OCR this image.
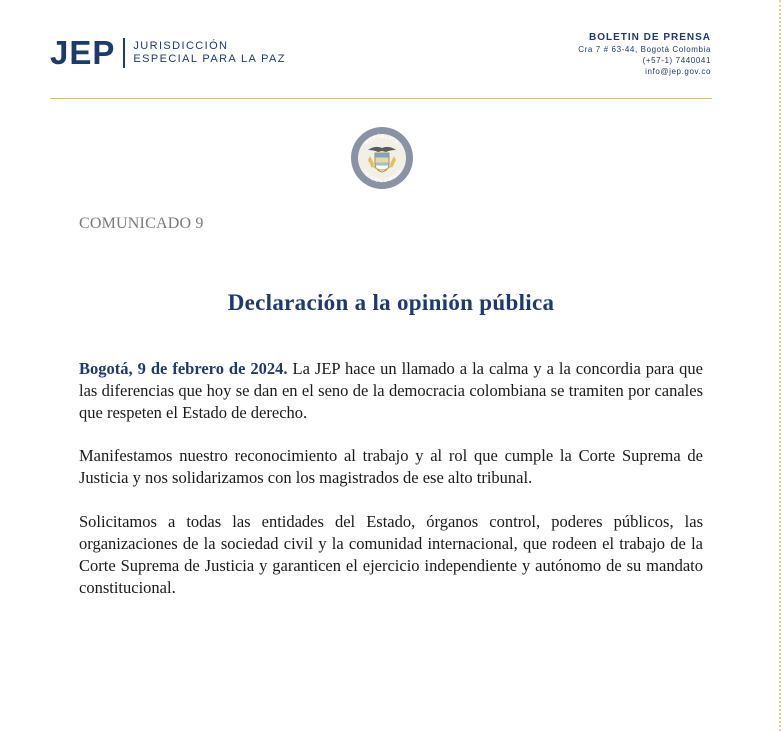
JEP JURISDICCIÓN
ESPECIAL PARA LA PAZ
BOLETIN DE PRENSA
Cra 7 # 63-44, Bogotá Colombia
(+57-1) 7440041
info@jep.gov.co
REPÚBLICA
DE COLOMBIA
COMUNICADO 9
Declaración a la opinión pública
Bogotá, 9 de febrero de 2024. La JEP hace un llamado a la calma y a la concordia para que las diferencias que hoy se dan en el seno de la democracia colombiana se tramiten por canales que respeten el Estado de derecho.
Manifestamos nuestro reconocimiento al trabajo y al rol que cumple la Corte Suprema de Justicia y nos solidarizamos con los magistrados de ese alto tribunal.
Solicitamos a todas las entidades del Estado, órganos control, poderes públicos, las organizaciones de la sociedad civil y la comunidad internacional, que rodeen el trabajo de la Corte Suprema de Justicia y garanticen el ejercicio independiente y autónomo de su mandato constitucional.
